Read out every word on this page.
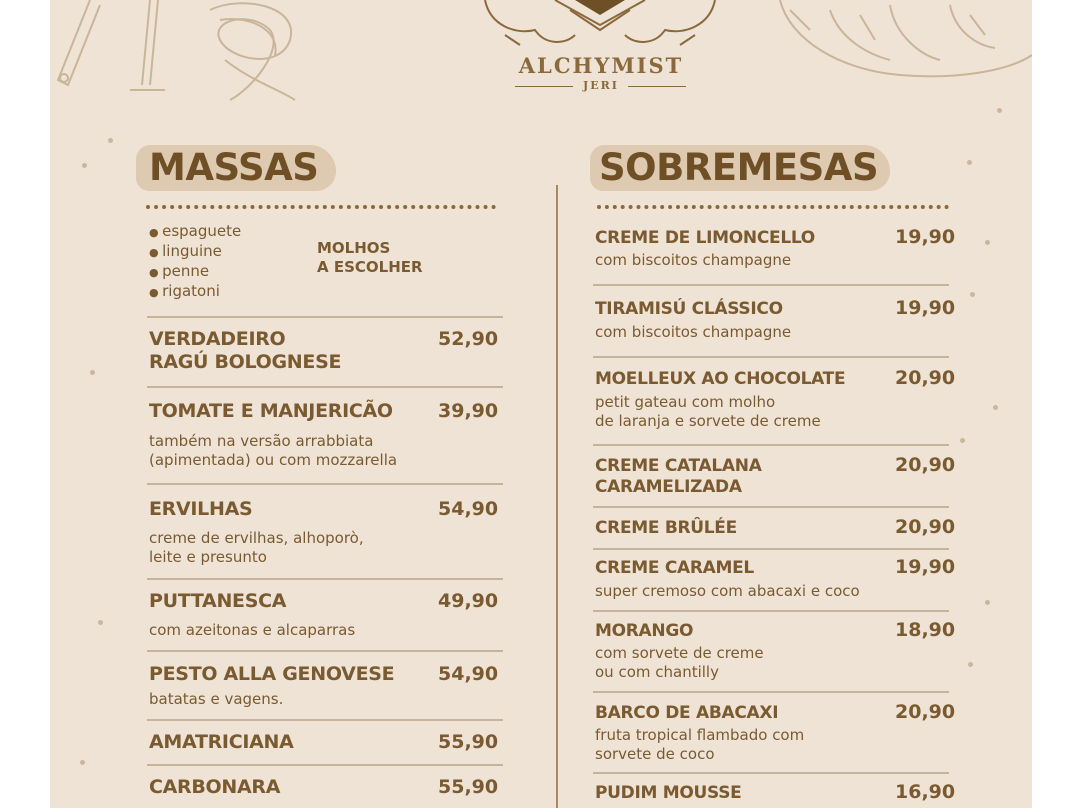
ALCHYMIST
JERI
MASSAS
● espaguete
● linguine
● penne
● rigatoni
MOLHOS
A ESCOLHER
VERDADEIRO
RAGÚ BOLOGNESE
52,90
TOMATE E MANJERICÃO 39,90
também na versão arrabbiata
(apimentada) ou com mozzarella
ERVILHAS	54,90
creme de ervilhas, alhoporò,
leite e presunto
PUTTANESCA	49,90
com azeitonas e alcaparras
PESTO ALLA GENOVESE 54,90
batatas e vagens.
AMATRICIANA	55,90
CARBONARA	55,90
SOBREMESAS
CREME DE LIMONCELLO	19,90
com biscoitos champagne
TIRAMISÚ CLÁSSICO	19,90
com biscoitos champagne
MOELLEUX AO CHOCOLATE	20,90
petit gateau com molho
de laranja e sorvete de creme
CREME CATALANA
CARAMELIZADA
20,90
CREME BRÛLÉE	20,90
CREME CARAMEL	19,90
super cremoso com abacaxi e coco
MORANGO	18,90
com sorvete de creme
ou com chantilly
BARCO DE ABACAXI	20,90
fruta tropical flambado com
sorvete de coco
PUDIM MOUSSE	16,90
